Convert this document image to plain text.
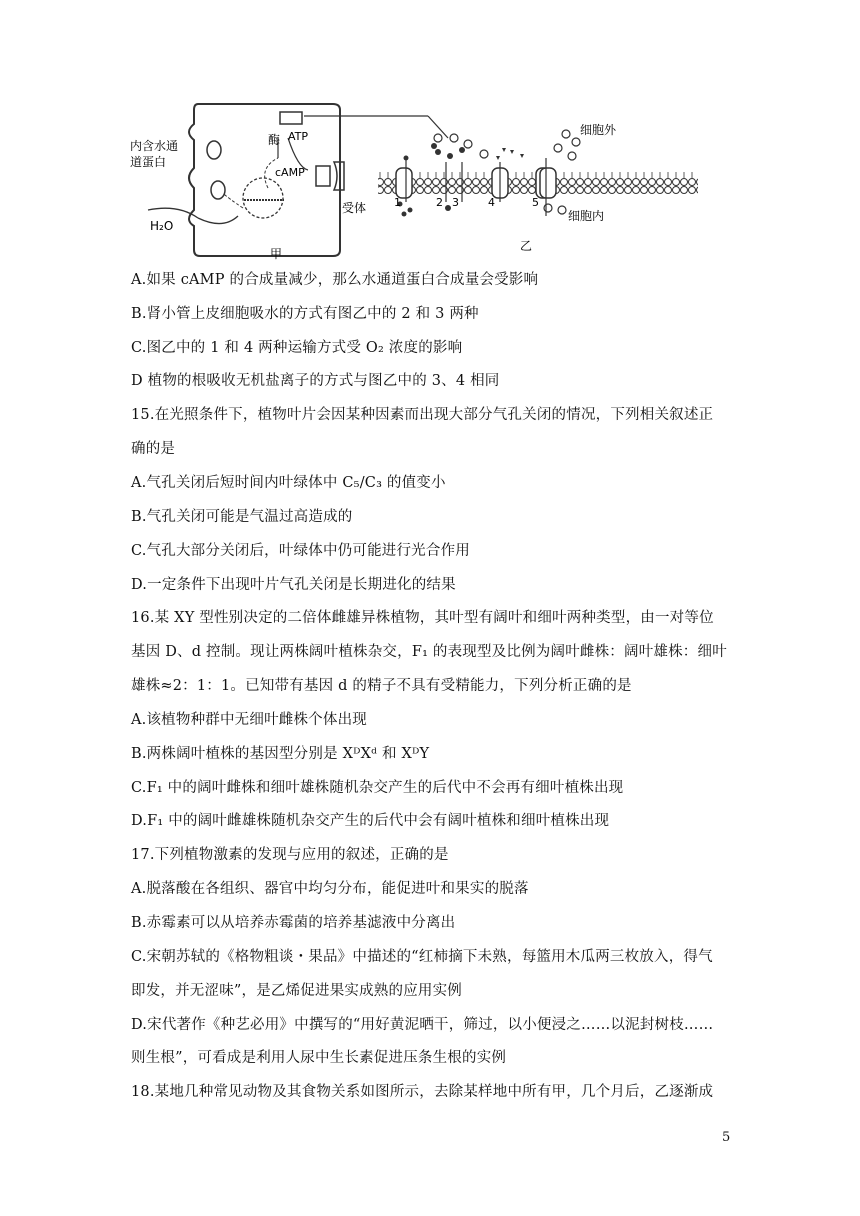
内含水通
道蛋白
酶 ATP
cAMP
受体
H₂O
甲
细胞外
细胞内
乙
1	2 3	4	5
A.如果 cAMP 的合成量减少，那么水通道蛋白合成量会受影响
B.肾小管上皮细胞吸水的方式有图乙中的 2 和 3 两种
C.图乙中的 1 和 4 两种运输方式受 O₂ 浓度的影响
D 植物的根吸收无机盐离子的方式与图乙中的 3、4 相同
15.在光照条件下，植物叶片会因某种因素而出现大部分气孔关闭的情况，下列相关叙述正
确的是
A.气孔关闭后短时间内叶绿体中 C₅/C₃ 的值变小
B.气孔关闭可能是气温过高造成的
C.气孔大部分关闭后，叶绿体中仍可能进行光合作用
D.一定条件下出现叶片气孔关闭是长期进化的结果
16.某 XY 型性别决定的二倍体雌雄异株植物，其叶型有阔叶和细叶两种类型，由一对等位
基因 D、d 控制。现让两株阔叶植株杂交，F₁ 的表现型及比例为阔叶雌株：阔叶雄株：细叶
雄株≈2：1：1。已知带有基因 d 的精子不具有受精能力，下列分析正确的是
A.该植物种群中无细叶雌株个体出现
B.两株阔叶植株的基因型分别是 XᴰXᵈ 和 XᴰY
C.F₁ 中的阔叶雌株和细叶雄株随机杂交产生的后代中不会再有细叶植株出现
D.F₁ 中的阔叶雌雄株随机杂交产生的后代中会有阔叶植株和细叶植株出现
17.下列植物激素的发现与应用的叙述，正确的是
A.脱落酸在各组织、器官中均匀分布，能促进叶和果实的脱落
B.赤霉素可以从培养赤霉菌的培养基滤液中分离出
C.宋朝苏轼的《格物粗谈・果品》中描述的“红柿摘下未熟，每篮用木瓜两三枚放入，得气
即发，并无涩味”，是乙烯促进果实成熟的应用实例
D.宋代著作《种艺必用》中撰写的“用好黄泥晒干，筛过，以小便浸之……以泥封树枝……
则生根”，可看成是利用人尿中生长素促进压条生根的实例
18.某地几种常见动物及其食物关系如图所示，去除某样地中所有甲，几个月后，乙逐渐成
5
